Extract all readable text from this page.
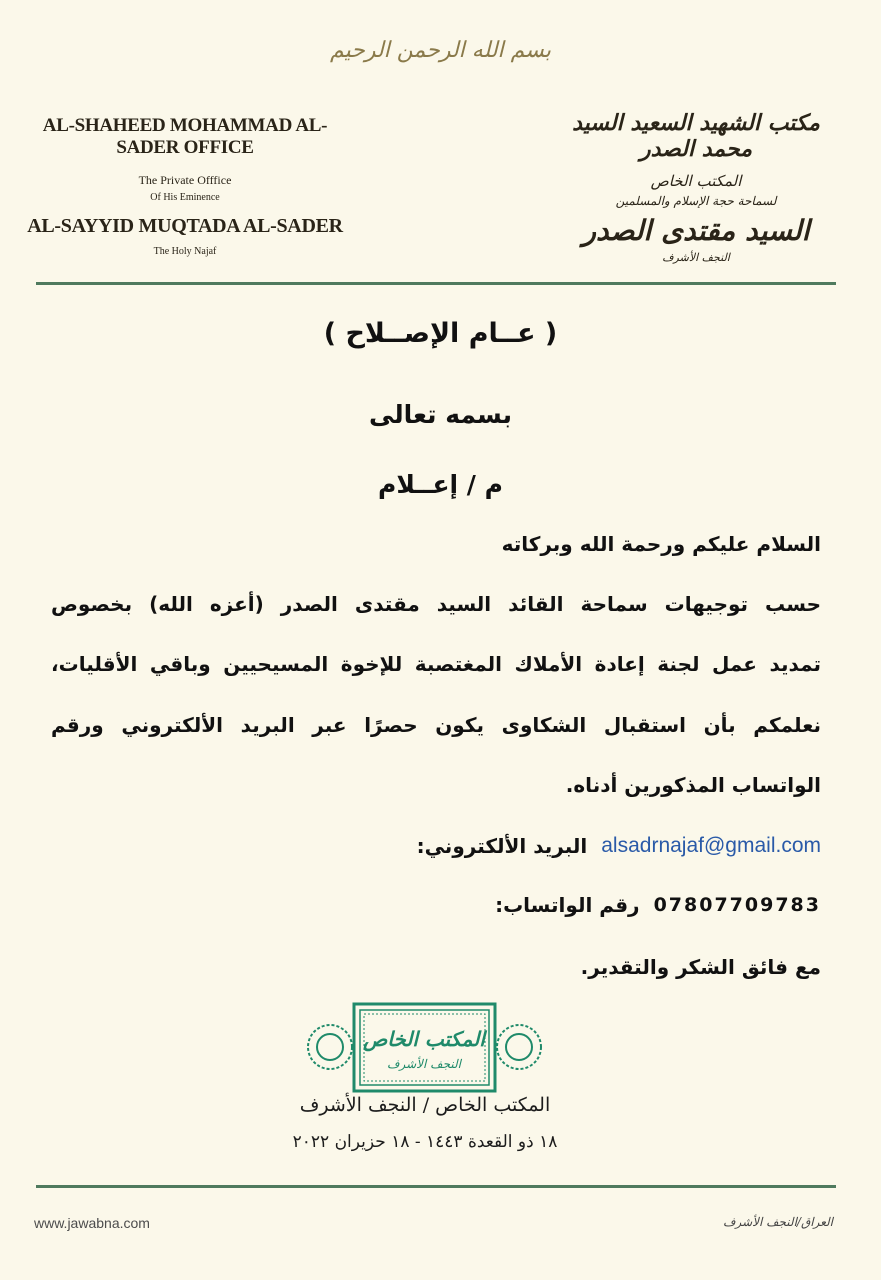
بسم الله الرحمن الرحيم
AL-SHAHEED MOHAMMAD AL-SADER OFFICE
The Private Offfice
Of His Eminence
AL-SAYYID MUQTADA AL-SADER
The Holy Najaf
مكتب الشهيد السعيد السيد محمد الصدر
المكتب الخاص
لسماحة حجة الإسلام والمسلمين
السيد مقتدى الصدر
النجف الأشرف
( عــام الإصــلاح )
بسمه تعالى
م / إعــلام
السلام عليكم ورحمة الله وبركاته
حسب توجيهات سماحة القائد السيد مقتدى الصدر (أعزه الله) بخصوص
تمديد عمل لجنة إعادة الأملاك المغتصبة للإخوة المسيحيين وباقي الأقليات،
نعلمكم بأن استقبال الشكاوى يكون حصرًا عبر البريد الألكتروني ورقم
الواتساب المذكورين أدناه.
البريد الألكتروني: alsadrnajaf@gmail.com
رقم الواتساب: 07807709783
مع فائق الشكر والتقدير.
المكتب الخاص
النجف الأشرف
المكتب الخاص / النجف الأشرف
١٨ ذو القعدة ١٤٤٣ - ١٨ حزيران ٢٠٢٢
www.jawabna.com	العراق/النجف الأشرف
